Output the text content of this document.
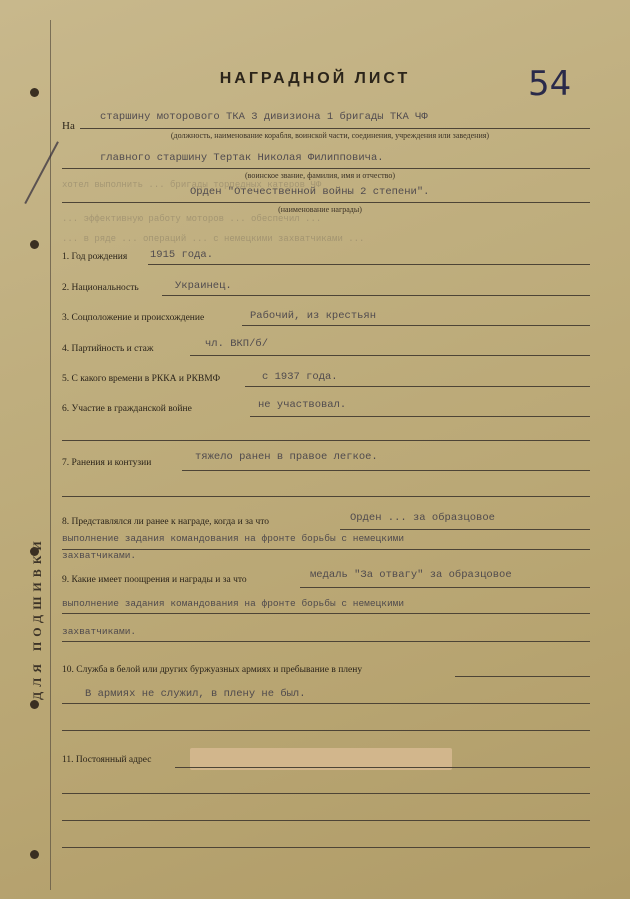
ДЛЯ ПОДШИВКИ
НАГРАДНОЙ ЛИСТ	54
На
старшину моторового ТКА 3 дивизиона 1 бригады ТКА ЧФ
(должность, наименование корабля, воинской части, соединения, учреждения или заведения)
главного старшину Тертак Николая Филипповича.
(воинское звание, фамилия, имя и отчество)
хотел выполнить ... бригады торпедных катеров ЧФ
Орден "Отечественной войны 2 степени".
(наименование награды)
... эффективную работу моторов ... обеспечил ...
... в ряде ... операций ... с немецкими захватчиками ...
1. Год рождения 1915 года.
2. Национальность	Украинец.
3. Соцположение и происхождение	Рабочий, из крестьян
4. Партийность и стаж	чл. ВКП/б/
5. С какого времени в РККА и РКВМФ	с 1937 года.
6. Участие в гражданской войне	не участвовал.
7. Ранения и контузии	тяжело ранен в правое легкое.
8. Представлялся ли ранее к награде, когда и за что	Орден ... за образцовое
выполнение задания командования на фронте борьбы с немецкими
захватчиками.
9. Какие имеет поощрения и награды и за что	медаль "За отвагу" за образцовое
выполнение задания командования на фронте борьбы с немецкими
захватчиками.
10. Служба в белой или других буржуазных армиях и пребывание в плену
В армиях не служил, в плену не был.
11. Постоянный адрес
